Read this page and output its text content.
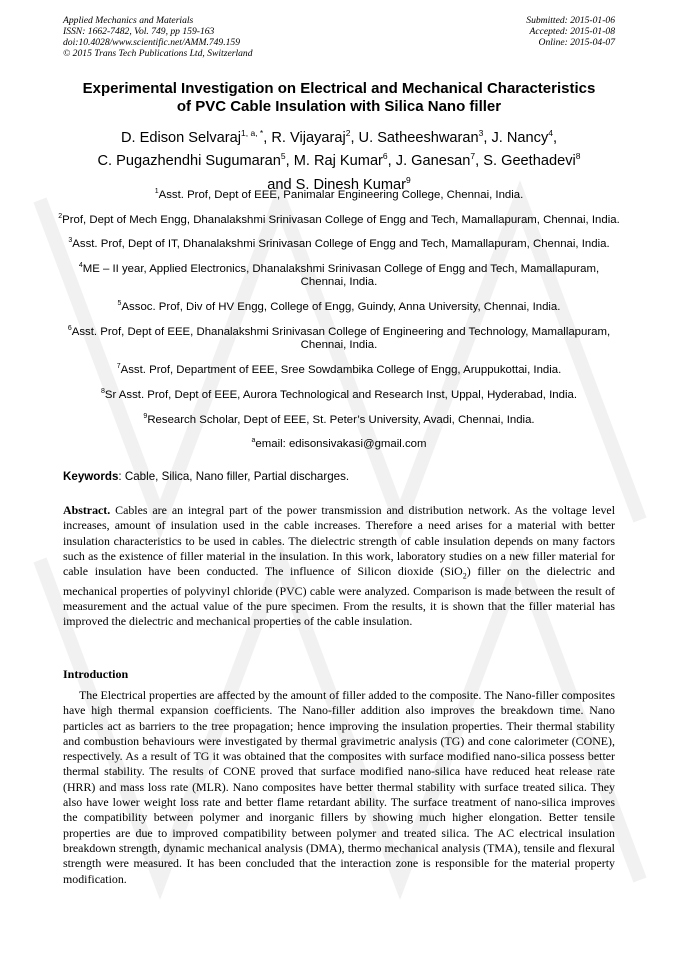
Applied Mechanics and Materials
ISSN: 1662-7482, Vol. 749, pp 159-163
doi:10.4028/www.scientific.net/AMM.749.159
© 2015 Trans Tech Publications Ltd, Switzerland
Submitted: 2015-01-06
Accepted: 2015-01-08
Online: 2015-04-07
Experimental Investigation on Electrical and Mechanical Characteristics
of PVC Cable Insulation with Silica Nano filler
D. Edison Selvaraj$^{1, a, *}$, R. Vijayaraj$^2$, U. Satheeshwaran$^3$, J. Nancy$^4$,
C. Pugazhendhi Sugumaran$^5$, M. Raj Kumar$^6$, J. Ganesan$^7$, S. Geethadevi$^8$
and S. Dinesh Kumar$^9$
$^1$Asst. Prof, Dept of EEE, Panimalar Engineering College, Chennai, India.
$^2$Prof, Dept of Mech Engg, Dhanalakshmi Srinivasan College of Engg and Tech, Mamallapuram, Chennai, India.
$^3$Asst. Prof, Dept of IT, Dhanalakshmi Srinivasan College of Engg and Tech, Mamallapuram, Chennai, India.
$^4$ME – II year, Applied Electronics, Dhanalakshmi Srinivasan College of Engg and Tech, Mamallapuram, Chennai, India.
$^5$Assoc. Prof, Div of HV Engg, College of Engg, Guindy, Anna University, Chennai, India.
$^6$Asst. Prof, Dept of EEE, Dhanalakshmi Srinivasan College of Engineering and Technology, Mamallapuram, Chennai, India.
$^7$Asst. Prof, Department of EEE, Sree Sowdambika College of Engg, Aruppukottai, India.
$^8$Sr Asst. Prof, Dept of EEE, Aurora Technological and Research Inst, Uppal, Hyderabad, India.
$^9$Research Scholar, Dept of EEE, St. Peter’s University, Avadi, Chennai, India.
$^a$email: edisonsivakasi@gmail.com
Keywords: Cable, Silica, Nano filler, Partial discharges.
Abstract. Cables are an integral part of the power transmission and distribution network. As the voltage level increases, amount of insulation used in the cable increases. Therefore a need arises for a material with better insulation characteristics to be used in cables. The dielectric strength of cable insulation depends on many factors such as the existence of filler material in the insulation. In this work, laboratory studies on a new filler material for cable insulation have been conducted. The influence of Silicon dioxide (SiO$_2$) filler on the dielectric and mechanical properties of polyvinyl chloride (PVC) cable were analyzed. Comparison is made between the result of measurement and the actual value of the pure specimen. From the results, it is shown that the filler material has improved the dielectric and mechanical properties of the cable insulation.
Introduction
The Electrical properties are affected by the amount of filler added to the composite. The Nano-filler composites have high thermal expansion coefficients. The Nano-filler addition also improves the breakdown time. Nano particles act as barriers to the tree propagation; hence improving the insulation properties. Their thermal stability and combustion behaviours were investigated by thermal gravimetric analysis (TG) and cone calorimeter (CONE), respectively. As a result of TG it was obtained that the composites with surface modified nano-silica possess better thermal stability. The results of CONE proved that surface modified nano-silica have reduced heat release rate (HRR) and mass loss rate (MLR). Nano composites have better thermal stability with surface treated silica. They also have lower weight loss rate and better flame retardant ability. The surface treatment of nano-silica improves the compatibility between polymer and inorganic fillers by showing much higher elongation. Better tensile properties are due to improved compatibility between polymer and treated silica. The AC electrical insulation breakdown strength, dynamic mechanical analysis (DMA), thermo mechanical analysis (TMA), tensile and flexural strength were measured. It has been concluded that the interaction zone is responsible for the material property modification.
